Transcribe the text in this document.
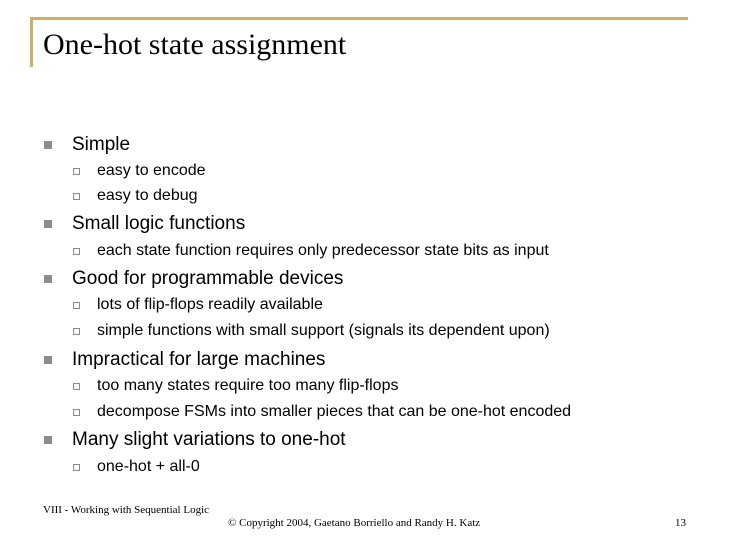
One-hot state assignment
Simple
easy to encode
easy to debug
Small logic functions
each state function requires only predecessor state bits as input
Good for programmable devices
lots of flip-flops readily available
simple functions with small support (signals its dependent upon)
Impractical for large machines
too many states require too many flip-flops
decompose FSMs into smaller pieces that can be one-hot encoded
Many slight variations to one-hot
one-hot + all-0
VIII - Working with Sequential Logic
© Copyright 2004, Gaetano Borriello and Randy H. Katz	13
